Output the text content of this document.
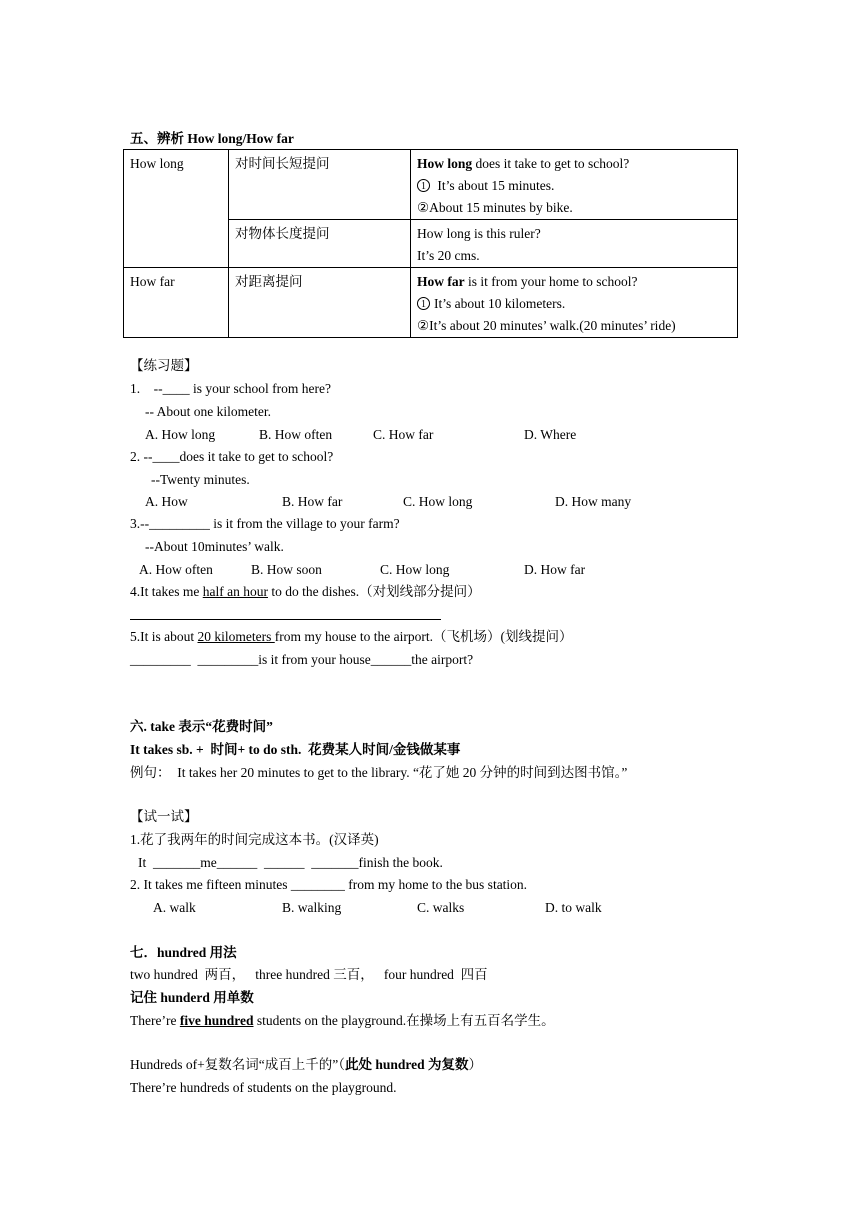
五、辨析 How long/How far
How long	对时间长短提问	How long does it take to get to school?
1 It’s about 15 minutes.
②About 15 minutes by bike.

	对物体长度提问	How long is this ruler?
It’s 20 cms.

How far	对距离提问	How far is it from your home to school?
1 It’s about 10 kilometers.
②It’s about 20 minutes’ walk.(20 minutes’ ride)
【练习题】
1.    --____ is your school from here?
-- About one kilometer.
A. How long	B. How often	C. How far	D. Where
2. --____does it take to get to school?
--Twenty minutes.
A. How	B. How far	C. How long	D. How many
3.--_________ is it from the village to your farm?
--About 10minutes’ walk.
A. How often	B. How soon	C. How long	D. How far
4.It takes me half an hour to do the dishes.（对划线部分提问）
5.It is about 20 kilometers from my house to the airport.（飞机场）(划线提问）
_________  _________is it from your house______the airport?
六. take 表示“花费时间”
It takes sb. +  时间+ to do sth.  花费某人时间/金钱做某事
例句：  It takes her 20 minutes to get to the library. “花了她 20 分钟的时间到达图书馆。”
【试一试】
1.花了我两年的时间完成这本书。(汉译英)
It  _______me______  ______  _______finish the book.
2. It takes me fifteen minutes ________ from my home to the bus station.
A. walk	B. walking	C. walks	D. to walk
七．hundred 用法
two hundred  两百，   three hundred 三百，   four hundred  四百
记住 hunderd 用单数
There’re five hundred students on the playground.在操场上有五百名学生。
Hundreds of+复数名词“成百上千的”（此处 hundred 为复数）
There’re hundreds of students on the playground.
